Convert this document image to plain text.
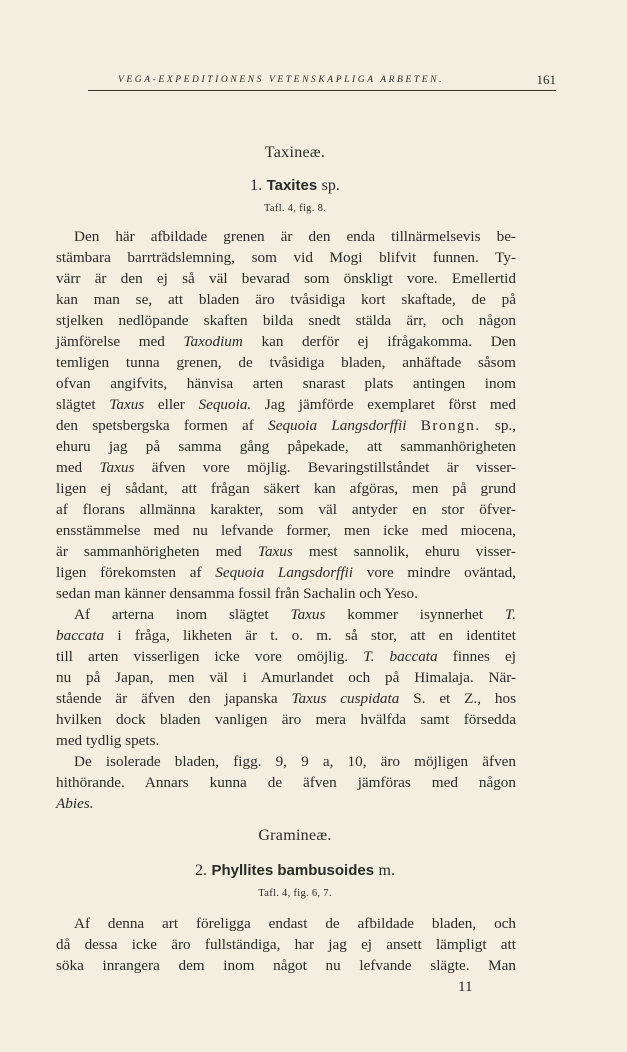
VEGA-EXPEDITIONENS VETENSKAPLIGA ARBETEN.	161
Taxineæ.
1. Taxites sp.
Tafl. 4, fig. 8.
Den här afbildade grenen är den enda tillnärmelsevis be-
stämbara barrträdslemning, som vid Mogi blifvit funnen. Ty-
värr är den ej så väl bevarad som önskligt vore. Emellertid
kan man se, att bladen äro tvåsidiga kort skaftade, de på
stjelken nedlöpande skaften bilda snedt stälda ärr, och någon
jämförelse med Taxodium kan derför ej ifrågakomma. Den
temligen tunna grenen, de tvåsidiga bladen, anhäftade såsom
ofvan angifvits, hänvisa arten snarast plats antingen inom
slägtet Taxus eller Sequoia. Jag jämförde exemplaret först med
den spetsbergska formen af Sequoia Langsdorffii Brongn. sp.,
ehuru jag på samma gång påpekade, att sammanhörigheten
med Taxus äfven vore möjlig. Bevaringstillståndet är visser-
ligen ej sådant, att frågan säkert kan afgöras, men på grund
af florans allmänna karakter, som väl antyder en stor öfver-
ensstämmelse med nu lefvande former, men icke med miocena,
är sammanhörigheten med Taxus mest sannolik, ehuru visser-
ligen förekomsten af Sequoia Langsdorffii vore mindre oväntad,
sedan man känner densamma fossil från Sachalin och Yeso.
Af arterna inom slägtet Taxus kommer isynnerhet T.
baccata i fråga, likheten är t. o. m. så stor, att en identitet
till arten visserligen icke vore omöjlig. T. baccata finnes ej
nu på Japan, men väl i Amurlandet och på Himalaja. När-
stående är äfven den japanska Taxus cuspidata S. et Z., hos
hvilken dock bladen vanligen äro mera hvälfda samt försedda
med tydlig spets.
De isolerade bladen, figg. 9, 9 a, 10, äro möjligen äfven
hithörande. Annars kunna de äfven jämföras med någon
Abies.
Gramineæ.
2. Phyllites bambusoides m.
Tafl. 4, fig. 6, 7.
Af denna art föreligga endast de afbildade bladen, och
då dessa icke äro fullständiga, har jag ej ansett lämpligt att
söka inrangera dem inom något nu lefvande slägte. Man
11
